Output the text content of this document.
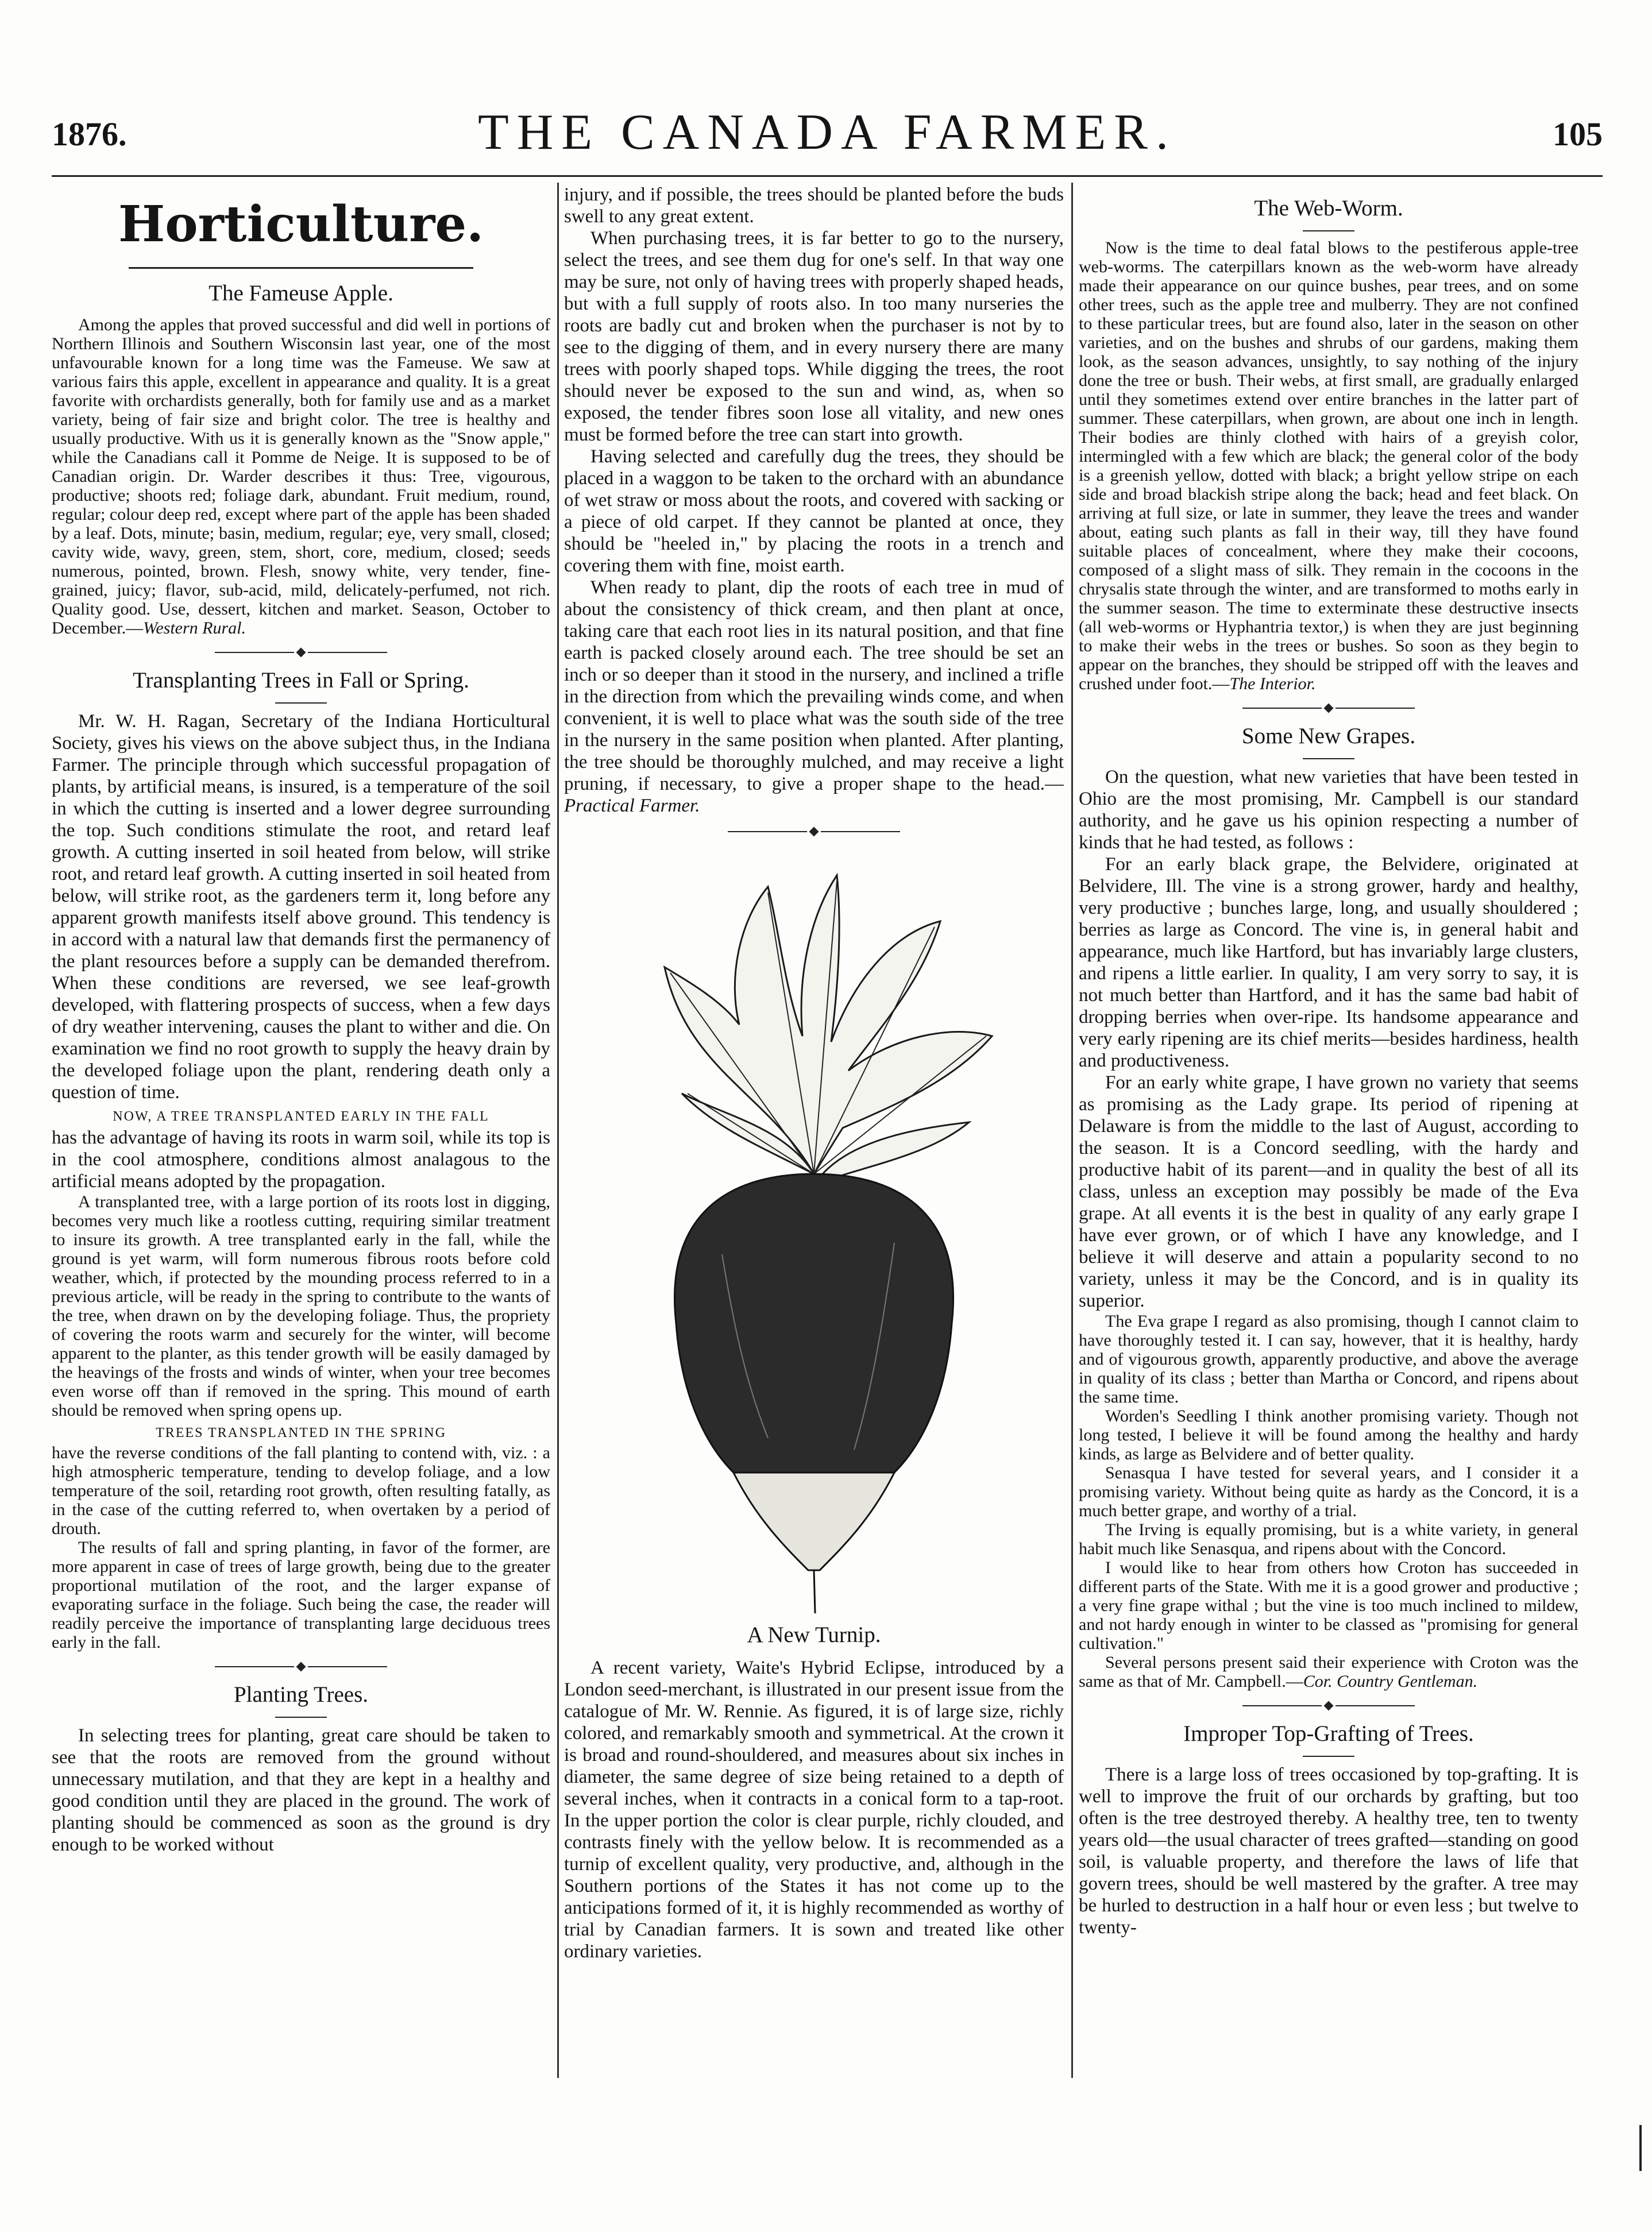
1876.	THE CANADA FARMER.	105
Horticulture.
The Fameuse Apple.

Among the apples that proved successful and did well in portions of Northern Illinois and Southern Wisconsin last year, one of the most unfavourable known for a long time was the Fameuse. We saw at various fairs this apple, excellent in appearance and quality. It is a great favorite with orchardists generally, both for family use and as a market variety, being of fair size and bright color. The tree is healthy and usually productive. With us it is generally known as the "Snow apple," while the Canadians call it Pomme de Neige. It is supposed to be of Canadian origin. Dr. Warder describes it thus: Tree, vigourous, productive; shoots red; foliage dark, abundant. Fruit medium, round, regular; colour deep red, except where part of the apple has been shaded by a leaf. Dots, minute; basin, medium, regular; eye, very small, closed; cavity wide, wavy, green, stem, short, core, medium, closed; seeds numerous, pointed, brown. Flesh, snowy white, very tender, fine-grained, juicy; flavor, sub-acid, mild, delicately-perfumed, not rich. Quality good. Use, dessert, kitchen and market. Season, October to December.—Western Rural.

Transplanting Trees in Fall or Spring.

Mr. W. H. Ragan, Secretary of the Indiana Horticultural Society, gives his views on the above subject thus, in the Indiana Farmer. The principle through which successful propagation of plants, by artificial means, is insured, is a temperature of the soil in which the cutting is inserted and a lower degree surrounding the top. Such conditions stimulate the root, and retard leaf growth. A cutting inserted in soil heated from below, will strike root, and retard leaf growth. A cutting inserted in soil heated from below, will strike root, as the gardeners term it, long before any apparent growth manifests itself above ground. This tendency is in accord with a natural law that demands first the permanency of the plant resources before a supply can be demanded therefrom. When these conditions are reversed, we see leaf-growth developed, with flattering prospects of success, when a few days of dry weather intervening, causes the plant to wither and die. On examination we find no root growth to supply the heavy drain by the developed foliage upon the plant, rendering death only a question of time.

NOW, A TREE TRANSPLANTED EARLY IN THE FALL

has the advantage of having its roots in warm soil, while its top is in the cool atmosphere, conditions almost analagous to the artificial means adopted by the propagation.

A transplanted tree, with a large portion of its roots lost in digging, becomes very much like a rootless cutting, requiring similar treatment to insure its growth. A tree transplanted early in the fall, while the ground is yet warm, will form numerous fibrous roots before cold weather, which, if protected by the mounding process referred to in a previous article, will be ready in the spring to contribute to the wants of the tree, when drawn on by the developing foliage. Thus, the propriety of covering the roots warm and securely for the winter, will become apparent to the planter, as this tender growth will be easily damaged by the heavings of the frosts and winds of winter, when your tree becomes even worse off than if removed in the spring. This mound of earth should be removed when spring opens up.

TREES TRANSPLANTED IN THE SPRING

have the reverse conditions of the fall planting to contend with, viz. : a high atmospheric temperature, tending to develop foliage, and a low temperature of the soil, retarding root growth, often resulting fatally, as in the case of the cutting referred to, when overtaken by a period of drouth.

The results of fall and spring planting, in favor of the former, are more apparent in case of trees of large growth, being due to the greater proportional mutilation of the root, and the larger expanse of evaporating surface in the foliage. Such being the case, the reader will readily perceive the importance of transplanting large deciduous trees early in the fall.

Planting Trees.

In selecting trees for planting, great care should be taken to see that the roots are removed from the ground without unnecessary mutilation, and that they are kept in a healthy and good condition until they are placed in the ground. The work of planting should be commenced as soon as the ground is dry enough to be worked without

injury, and if possible, the trees should be planted before the buds swell to any great extent.

When purchasing trees, it is far better to go to the nursery, select the trees, and see them dug for one's self. In that way one may be sure, not only of having trees with properly shaped heads, but with a full supply of roots also. In too many nurseries the roots are badly cut and broken when the purchaser is not by to see to the digging of them, and in every nursery there are many trees with poorly shaped tops. While digging the trees, the root should never be exposed to the sun and wind, as, when so exposed, the tender fibres soon lose all vitality, and new ones must be formed before the tree can start into growth.

Having selected and carefully dug the trees, they should be placed in a waggon to be taken to the orchard with an abundance of wet straw or moss about the roots, and covered with sacking or a piece of old carpet. If they cannot be planted at once, they should be "heeled in," by placing the roots in a trench and covering them with fine, moist earth.

When ready to plant, dip the roots of each tree in mud of about the consistency of thick cream, and then plant at once, taking care that each root lies in its natural position, and that fine earth is packed closely around each. The tree should be set an inch or so deeper than it stood in the nursery, and inclined a trifle in the direction from which the prevailing winds come, and when convenient, it is well to place what was the south side of the tree in the nursery in the same position when planted. After planting, the tree should be thoroughly mulched, and may receive a light pruning, if necessary, to give a proper shape to the head.—Practical Farmer.

A New Turnip.

A recent variety, Waite's Hybrid Eclipse, introduced by a London seed-merchant, is illustrated in our present issue from the catalogue of Mr. W. Rennie. As figured, it is of large size, richly colored, and remarkably smooth and symmetrical. At the crown it is broad and round-shouldered, and measures about six inches in diameter, the same degree of size being retained to a depth of several inches, when it contracts in a conical form to a tap-root. In the upper portion the color is clear purple, richly clouded, and contrasts finely with the yellow below. It is recommended as a turnip of excellent quality, very productive, and, although in the Southern portions of the States it has not come up to the anticipations formed of it, it is highly recommended as worthy of trial by Canadian farmers. It is sown and treated like other ordinary varieties.

The Web-Worm.

Now is the time to deal fatal blows to the pestiferous apple-tree web-worms. The caterpillars known as the web-worm have already made their appearance on our quince bushes, pear trees, and on some other trees, such as the apple tree and mulberry. They are not confined to these particular trees, but are found also, later in the season on other varieties, and on the bushes and shrubs of our gardens, making them look, as the season advances, unsightly, to say nothing of the injury done the tree or bush. Their webs, at first small, are gradually enlarged until they sometimes extend over entire branches in the latter part of summer. These caterpillars, when grown, are about one inch in length. Their bodies are thinly clothed with hairs of a greyish color, intermingled with a few which are black; the general color of the body is a greenish yellow, dotted with black; a bright yellow stripe on each side and broad blackish stripe along the back; head and feet black. On arriving at full size, or late in summer, they leave the trees and wander about, eating such plants as fall in their way, till they have found suitable places of concealment, where they make their cocoons, composed of a slight mass of silk. They remain in the cocoons in the chrysalis state through the winter, and are transformed to moths early in the summer season. The time to exterminate these destructive insects (all web-worms or Hyphantria textor,) is when they are just beginning to make their webs in the trees or bushes. So soon as they begin to appear on the branches, they should be stripped off with the leaves and crushed under foot.—The Interior.

Some New Grapes.

On the question, what new varieties that have been tested in Ohio are the most promising, Mr. Campbell is our standard authority, and he gave us his opinion respecting a number of kinds that he had tested, as follows :

For an early black grape, the Belvidere, originated at Belvidere, Ill. The vine is a strong grower, hardy and healthy, very productive ; bunches large, long, and usually shouldered ; berries as large as Concord. The vine is, in general habit and appearance, much like Hartford, but has invariably large clusters, and ripens a little earlier. In quality, I am very sorry to say, it is not much better than Hartford, and it has the same bad habit of dropping berries when over-ripe. Its handsome appearance and very early ripening are its chief merits—besides hardiness, health and productiveness.

For an early white grape, I have grown no variety that seems as promising as the Lady grape. Its period of ripening at Delaware is from the middle to the last of August, according to the season. It is a Concord seedling, with the hardy and productive habit of its parent—and in quality the best of all its class, unless an exception may possibly be made of the Eva grape. At all events it is the best in quality of any early grape I have ever grown, or of which I have any knowledge, and I believe it will deserve and attain a popularity second to no variety, unless it may be the Concord, and is in quality its superior.

The Eva grape I regard as also promising, though I cannot claim to have thoroughly tested it. I can say, however, that it is healthy, hardy and of vigourous growth, apparently productive, and above the average in quality of its class ; better than Martha or Concord, and ripens about the same time.

Worden's Seedling I think another promising variety. Though not long tested, I believe it will be found among the healthy and hardy kinds, as large as Belvidere and of better quality.

Senasqua I have tested for several years, and I consider it a promising variety. Without being quite as hardy as the Concord, it is a much better grape, and worthy of a trial.

The Irving is equally promising, but is a white variety, in general habit much like Senasqua, and ripens about with the Concord.

I would like to hear from others how Croton has succeeded in different parts of the State. With me it is a good grower and productive ; a very fine grape withal ; but the vine is too much inclined to mildew, and not hardy enough in winter to be classed as "promising for general cultivation."

Several persons present said their experience with Croton was the same as that of Mr. Campbell.—Cor. Country Gentleman.

Improper Top-Grafting of Trees.

There is a large loss of trees occasioned by top-grafting. It is well to improve the fruit of our orchards by grafting, but too often is the tree destroyed thereby. A healthy tree, ten to twenty years old—the usual character of trees grafted—standing on good soil, is valuable property, and therefore the laws of life that govern trees, should be well mastered by the grafter. A tree may be hurled to destruction in a half hour or even less ; but twelve to twenty-
